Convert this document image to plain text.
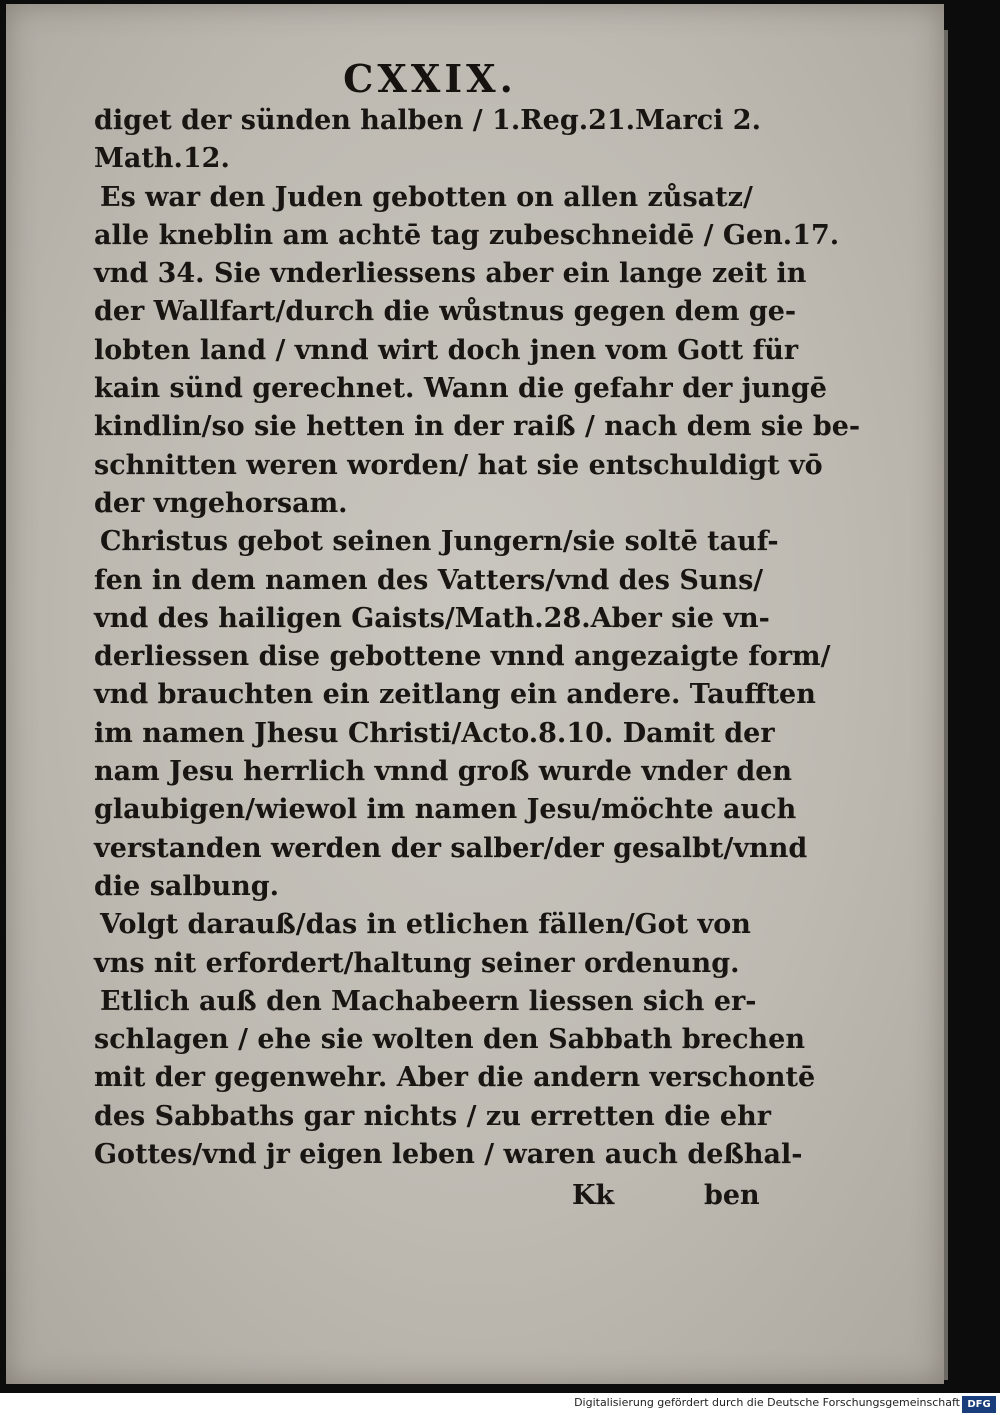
CXXIX.
diget der sünden halben / 1.Reg.21.Marci 2.
Math.12.
Es war den Juden gebotten on allen zůsatz/
alle kneblin am achtē tag zubeschneidē / Gen.17.
vnd 34. Sie vnderliessens aber ein lange zeit in
der Wallfart/durch die wůstnus gegen dem ge-
lobten land / vnnd wirt doch jnen vom Gott für
kain sünd gerechnet. Wann die gefahr der jungē
kindlin/so sie hetten in der raiß / nach dem sie be-
schnitten weren worden/ hat sie entschuldigt vō
der vngehorsam.
Christus gebot seinen Jungern/sie soltē tauf-
fen in dem namen des Vatters/vnd des Suns/
vnd des hailigen Gaists/Math.28.Aber sie vn-
derliessen dise gebottene vnnd angezaigte form/
vnd brauchten ein zeitlang ein andere. Taufften
im namen Jhesu Christi/Acto.8.10. Damit der
nam Jesu herrlich vnnd groß wurde vnder den
glaubigen/wiewol im namen Jesu/möchte auch
verstanden werden der salber/der gesalbt/vnnd
die salbung.
Volgt darauß/das in etlichen fällen/Got von
vns nit erfordert/haltung seiner ordenung.
Etlich auß den Machabeern liessen sich er-
schlagen / ehe sie wolten den Sabbath brechen
mit der gegenwehr. Aber die andern verschontē
des Sabbaths gar nichts / zu erretten die ehr
Gottes/vnd jr eigen leben / waren auch deßhal-
Kk	ben
Digitalisierung gefördert durch die Deutsche Forschungsgemeinschaft DFG
